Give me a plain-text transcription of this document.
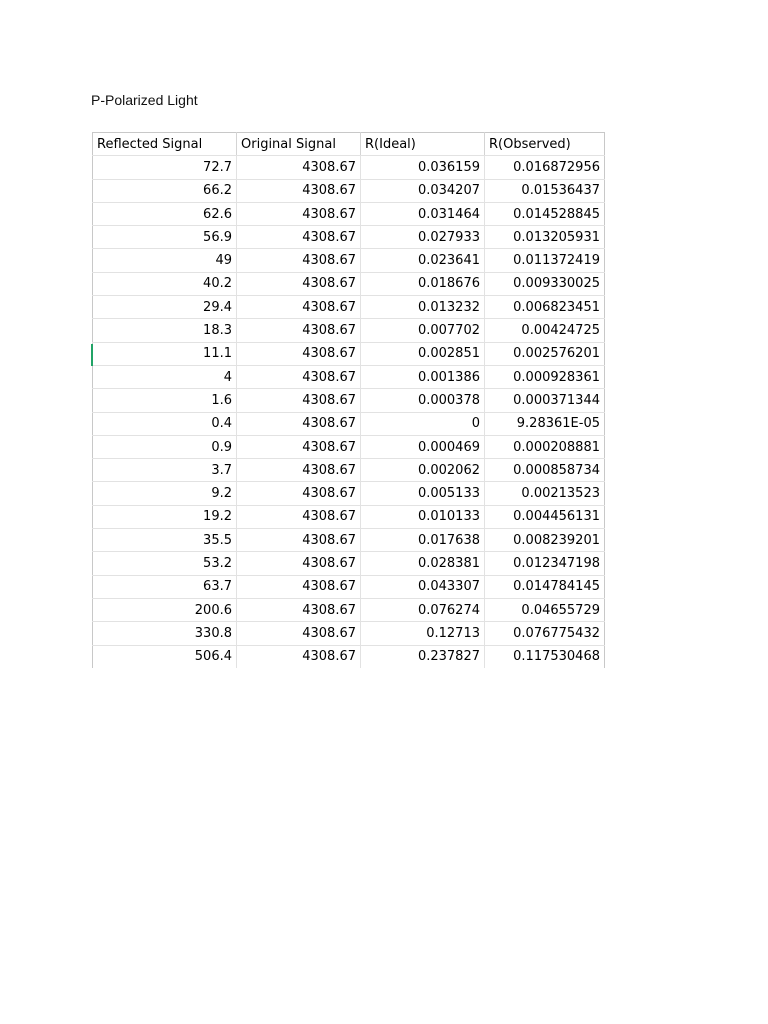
P-Polarized Light
Reflected Signal	Original Signal	R(Ideal)	R(Observed)
72.7	4308.67	0.036159	0.016872956
66.2	4308.67	0.034207	0.01536437
62.6	4308.67	0.031464	0.014528845
56.9	4308.67	0.027933	0.013205931
49	4308.67	0.023641	0.011372419
40.2	4308.67	0.018676	0.009330025
29.4	4308.67	0.013232	0.006823451
18.3	4308.67	0.007702	0.00424725
11.1	4308.67	0.002851	0.002576201
4	4308.67	0.001386	0.000928361
1.6	4308.67	0.000378	0.000371344
0.4	4308.67	0	9.28361E-05
0.9	4308.67	0.000469	0.000208881
3.7	4308.67	0.002062	0.000858734
9.2	4308.67	0.005133	0.00213523
19.2	4308.67	0.010133	0.004456131
35.5	4308.67	0.017638	0.008239201
53.2	4308.67	0.028381	0.012347198
63.7	4308.67	0.043307	0.014784145
200.6	4308.67	0.076274	0.04655729
330.8	4308.67	0.12713	0.076775432
506.4	4308.67	0.237827	0.117530468
